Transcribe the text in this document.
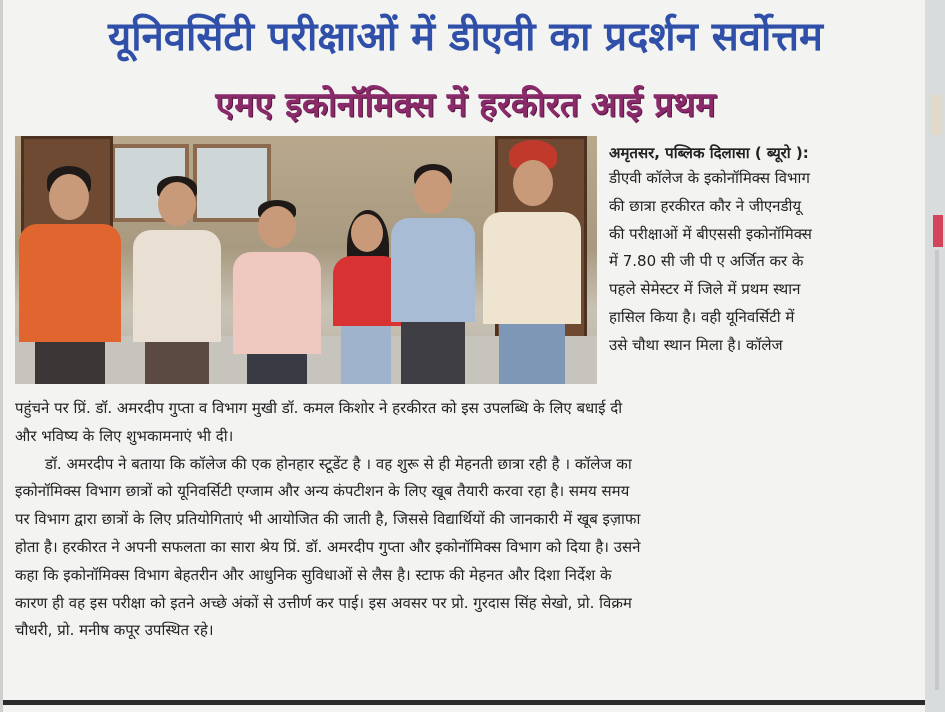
यूनिवर्सिटी परीक्षाओं में डीएवी का प्रदर्शन सर्वोत्तम
एमए इकोनॉमिक्स में हरकीरत आई प्रथम
अमृतसर, पब्लिक दिलासा ( ब्यूरो ):
डीएवी कॉलेज के इकोनॉमिक्स विभाग
की छात्रा हरकीरत कौर ने जीएनडीयू
की परीक्षाओं में बीएससी इकोनॉमिक्स
में 7.80 सी जी पी ए अर्जित कर के
पहले सेमेस्टर में जिले में प्रथम स्थान
हासिल किया है। वही यूनिवर्सिटी में
उसे चौथा स्थान मिला है। कॉलेज
पहुंचने पर प्रिं. डॉ. अमरदीप गुप्ता व विभाग मुखी डॉ. कमल किशोर ने हरकीरत को इस उपलब्धि के लिए बधाई दी
और भविष्य के लिए शुभकामनाएं भी दी।
डॉ. अमरदीप ने बताया कि कॉलेज की एक होनहार स्टूडेंट है । वह शुरू से ही मेहनती छात्रा रही है । कॉलेज का
इकोनॉमिक्स विभाग छात्रों को यूनिवर्सिटी एग्जाम और अन्य कंपटीशन के लिए खूब तैयारी करवा रहा है। समय समय
पर विभाग द्वारा छात्रों के लिए प्रतियोगिताएं भी आयोजित की जाती है, जिससे विद्यार्थियों की जानकारी में खूब इज़ाफा
होता है। हरकीरत ने अपनी सफलता का सारा श्रेय प्रिं. डॉ. अमरदीप गुप्ता और इकोनॉमिक्स विभाग को दिया है। उसने
कहा कि इकोनॉमिक्स विभाग बेहतरीन और आधुनिक सुविधाओं से लैस है। स्टाफ की मेहनत और दिशा निर्देश के
कारण ही वह इस परीक्षा को इतने अच्छे अंकों से उत्तीर्ण कर पाई। इस अवसर पर प्रो. गुरदास सिंह सेखो, प्रो. विक्रम
चौधरी, प्रो. मनीष कपूर उपस्थित रहे।
